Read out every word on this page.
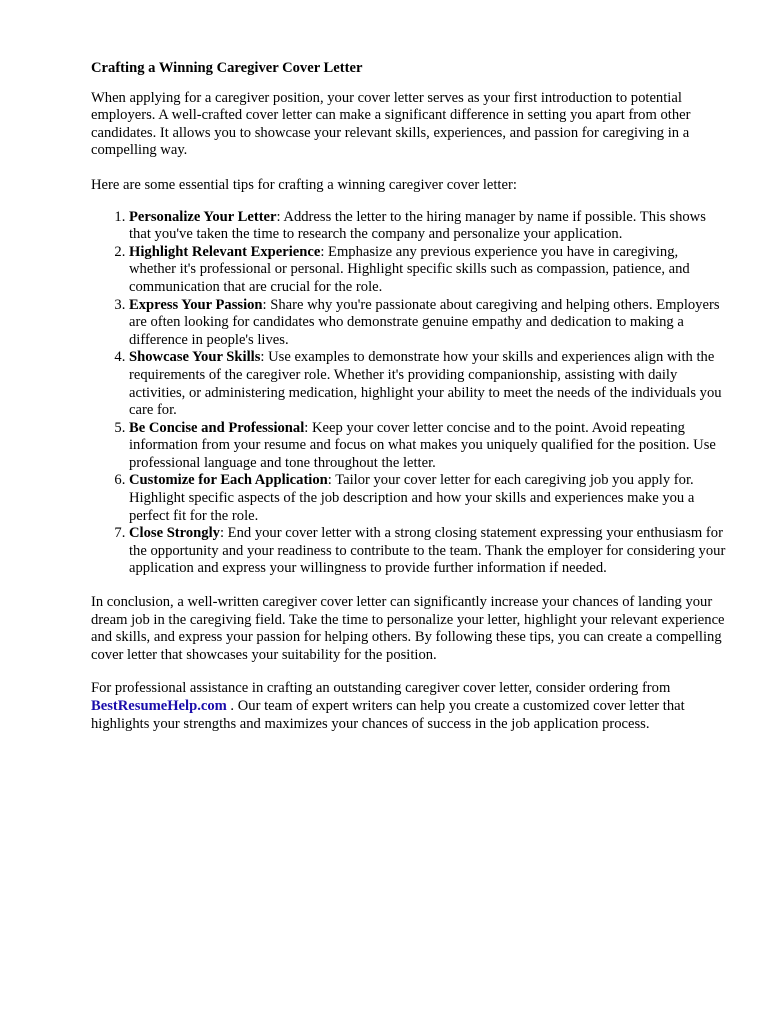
Crafting a Winning Caregiver Cover Letter

When applying for a caregiver position, your cover letter serves as your first introduction to potential employers. A well-crafted cover letter can make a significant difference in setting you apart from other candidates. It allows you to showcase your relevant skills, experiences, and passion for caregiving in a compelling way.

Here are some essential tips for crafting a winning caregiver cover letter:

1. Personalize Your Letter: Address the letter to the hiring manager by name if possible. This shows that you've taken the time to research the company and personalize your application.
2. Highlight Relevant Experience: Emphasize any previous experience you have in caregiving, whether it's professional or personal. Highlight specific skills such as compassion, patience, and communication that are crucial for the role.
3. Express Your Passion: Share why you're passionate about caregiving and helping others. Employers are often looking for candidates who demonstrate genuine empathy and dedication to making a difference in people's lives.
4. Showcase Your Skills: Use examples to demonstrate how your skills and experiences align with the requirements of the caregiver role. Whether it's providing companionship, assisting with daily activities, or administering medication, highlight your ability to meet the needs of the individuals you care for.
5. Be Concise and Professional: Keep your cover letter concise and to the point. Avoid repeating information from your resume and focus on what makes you uniquely qualified for the position. Use professional language and tone throughout the letter.
6. Customize for Each Application: Tailor your cover letter for each caregiving job you apply for. Highlight specific aspects of the job description and how your skills and experiences make you a perfect fit for the role.
7. Close Strongly: End your cover letter with a strong closing statement expressing your enthusiasm for the opportunity and your readiness to contribute to the team. Thank the employer for considering your application and express your willingness to provide further information if needed.

In conclusion, a well-written caregiver cover letter can significantly increase your chances of landing your dream job in the caregiving field. Take the time to personalize your letter, highlight your relevant experience and skills, and express your passion for helping others. By following these tips, you can create a compelling cover letter that showcases your suitability for the position.

For professional assistance in crafting an outstanding caregiver cover letter, consider ordering from BestResumeHelp.com . Our team of expert writers can help you create a customized cover letter that highlights your strengths and maximizes your chances of success in the job application process.
